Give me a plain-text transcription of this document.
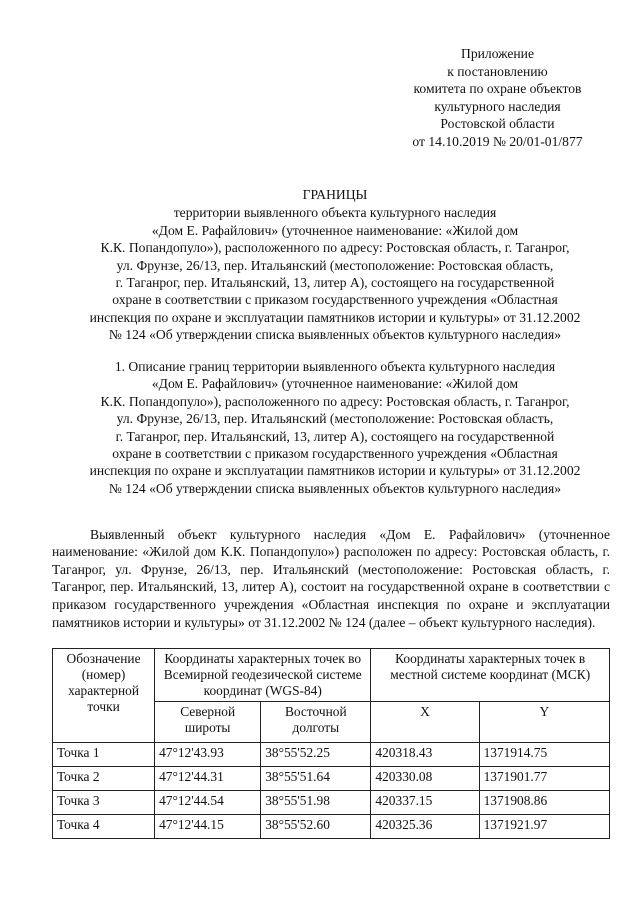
Приложение
к постановлению
комитета по охране объектов
культурного наследия
Ростовской области
от 14.10.2019 № 20/01-01/877
ГРАНИЦЫ
территории выявленного объекта культурного наследия
«Дом Е. Рафайлович» (уточненное наименование: «Жилой дом
К.К. Попандопуло»), расположенного по адресу: Ростовская область, г. Таганрог,
ул. Фрунзе, 26/13, пер. Итальянский (местоположение: Ростовская область,
г. Таганрог, пер. Итальянский, 13, литер А), состоящего на государственной
охране в соответствии с приказом государственного учреждения «Областная
инспекция по охране и эксплуатации памятников истории и культуры» от 31.12.2002
№ 124 «Об утверждении списка выявленных объектов культурного наследия»
1. Описание границ территории выявленного объекта культурного наследия
«Дом Е. Рафайлович» (уточненное наименование: «Жилой дом
К.К. Попандопуло»), расположенного по адресу: Ростовская область, г. Таганрог,
ул. Фрунзе, 26/13, пер. Итальянский (местоположение: Ростовская область,
г. Таганрог, пер. Итальянский, 13, литер А), состоящего на государственной
охране в соответствии с приказом государственного учреждения «Областная
инспекция по охране и эксплуатации памятников истории и культуры» от 31.12.2002
№ 124 «Об утверждении списка выявленных объектов культурного наследия»

Выявленный объект культурного наследия «Дом Е. Рафайлович» (уточненное наименование: «Жилой дом К.К. Попандопуло») расположен по адресу: Ростовская область, г. Таганрог, ул. Фрунзе, 26/13, пер. Итальянский (местоположение: Ростовская область, г. Таганрог, пер. Итальянский, 13, литер А), состоит на государственной охране в соответствии с приказом государственного учреждения «Областная инспекция по охране и эксплуатации памятников истории и культуры» от 31.12.2002 № 124 (далее – объект культурного наследия).

Обозначение (номер) характерной точки	Координаты характерных точек во Всемирной геодезической системе координат (WGS-84)		Координаты характерных точек в местной системе координат (МСК)	
	Северной широты	Восточной долготы	X	Y
Точка 1	47°12'43.93	38°55'52.25	420318.43	1371914.75
Точка 2	47°12'44.31	38°55'51.64	420330.08	1371901.77
Точка 3	47°12'44.54	38°55'51.98	420337.15	1371908.86
Точка 4	47°12'44.15	38°55'52.60	420325.36	1371921.97
